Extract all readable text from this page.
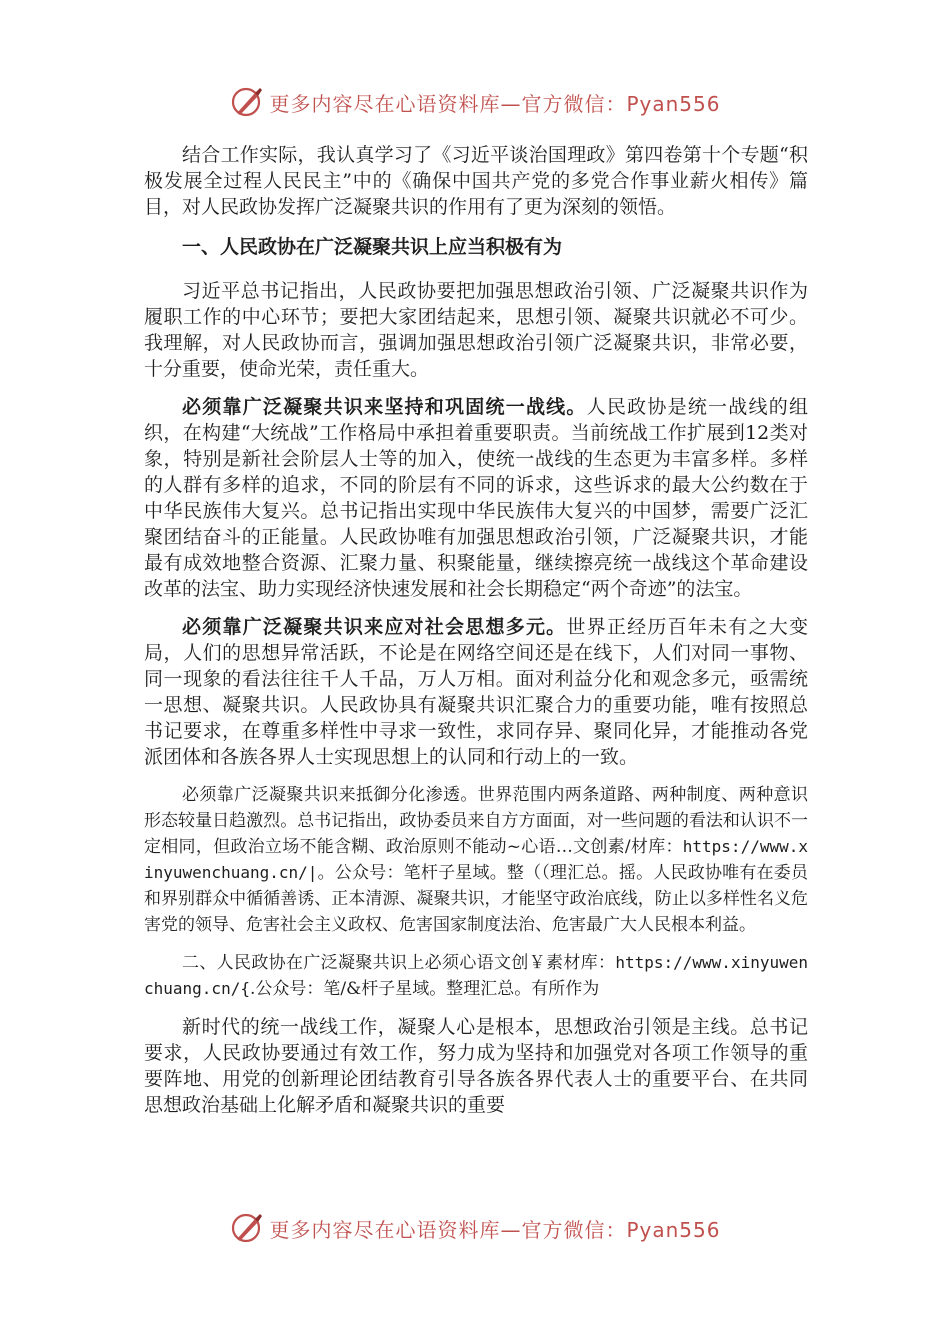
更多内容尽在心语资料库—官方微信：Pyan556

结合工作实际，我认真学习了《习近平谈治国理政》第四卷第十个专题“积极发展全过程人民民主”中的《确保中国共产党的多党合作事业薪火相传》篇目，对人民政协发挥广泛凝聚共识的作用有了更为深刻的领悟。

一、人民政协在广泛凝聚共识上应当积极有为

习近平总书记指出，人民政协要把加强思想政治引领、广泛凝聚共识作为履职工作的中心环节；要把大家团结起来，思想引领、凝聚共识就必不可少。我理解，对人民政协而言，强调加强思想政治引领广泛凝聚共识，非常必要，十分重要，使命光荣，责任重大。

必须靠广泛凝聚共识来坚持和巩固统一战线。人民政协是统一战线的组织，在构建“大统战”工作格局中承担着重要职责。当前统战工作扩展到12类对象，特别是新社会阶层人士等的加入，使统一战线的生态更为丰富多样。多样的人群有多样的追求，不同的阶层有不同的诉求，这些诉求的最大公约数在于中华民族伟大复兴。总书记指出实现中华民族伟大复兴的中国梦，需要广泛汇聚团结奋斗的正能量。人民政协唯有加强思想政治引领，广泛凝聚共识，才能最有成效地整合资源、汇聚力量、积聚能量，继续擦亮统一战线这个革命建设改革的法宝、助力实现经济快速发展和社会长期稳定“两个奇迹”的法宝。

必须靠广泛凝聚共识来应对社会思想多元。世界正经历百年未有之大变局，人们的思想异常活跃，不论是在网络空间还是在线下，人们对同一事物、同一现象的看法往往千人千品，万人万相。面对利益分化和观念多元，亟需统一思想、凝聚共识。人民政协具有凝聚共识汇聚合力的重要功能，唯有按照总书记要求，在尊重多样性中寻求一致性，求同存异、聚同化异，才能推动各党派团体和各族各界人士实现思想上的认同和行动上的一致。

必须靠广泛凝聚共识来抵御分化渗透。世界范围内两条道路、两种制度、两种意识形态较量日趋激烈。总书记指出，政协委员来自方方面面，对一些问题的看法和认识不一定相同，但政治立场不能含糊、政治原则不能动~心语…文创素/材库：https://www.xinyuwenchuang.cn/|。公众号：笔杆子星域。整（（理汇总。摇。人民政协唯有在委员和界别群众中循循善诱、正本清源、凝聚共识，才能坚守政治底线，防止以多样性名义危害党的领导、危害社会主义政权、危害国家制度法治、危害最广大人民根本利益。

二、人民政协在广泛凝聚共识上必须心语文创￥素材库：https://www.xinyuwenchuang.cn/{.公众号：笔/&杆子星域。整理汇总。有所作为

新时代的统一战线工作，凝聚人心是根本，思想政治引领是主线。总书记要求，人民政协要通过有效工作，努力成为坚持和加强党对各项工作领导的重要阵地、用党的创新理论团结教育引导各族各界代表人士的重要平台、在共同思想政治基础上化解矛盾和凝聚共识的重要

更多内容尽在心语资料库—官方微信：Pyan556
